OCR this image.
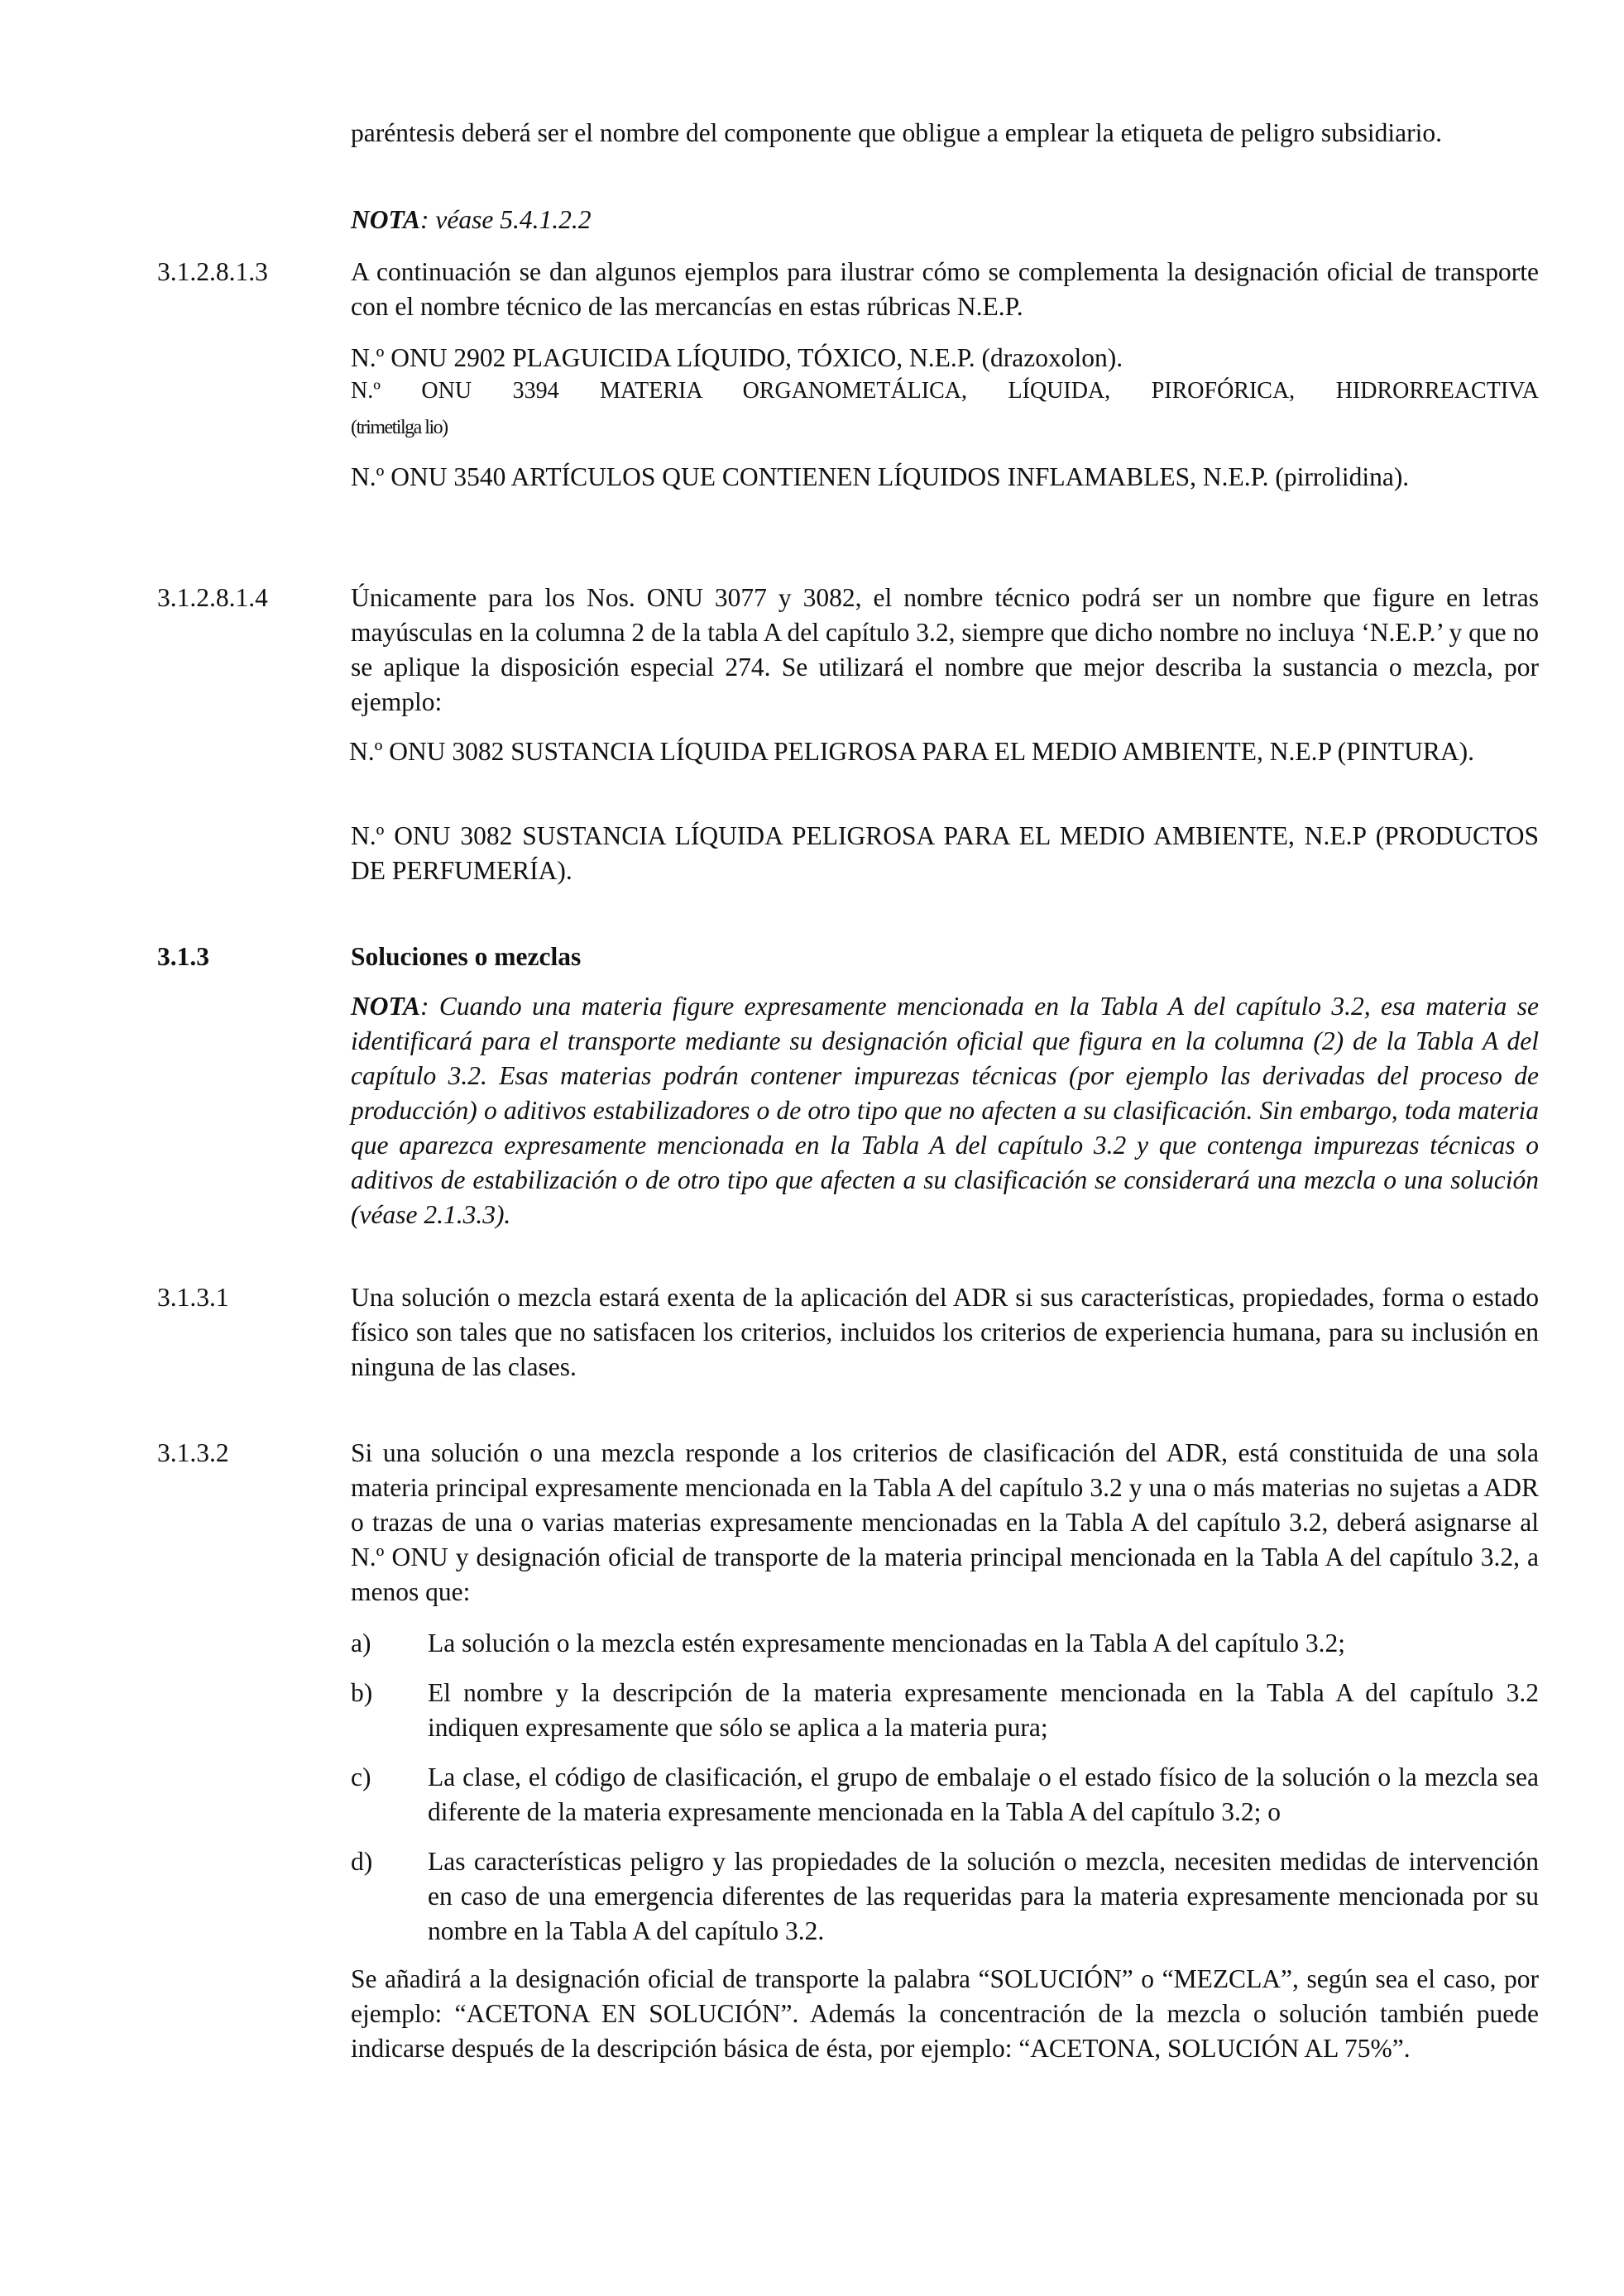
paréntesis deberá ser el nombre del componente que obligue a emplear la etiqueta de peligro subsidiario.

NOTA: véase 5.4.1.2.2

3.1.2.8.1.3	A continuación se dan algunos ejemplos para ilustrar cómo se complementa la designación oficial de transporte con el nombre técnico de las mercancías en estas rúbricas N.E.P.

N.º ONU 2902 PLAGUICIDA LÍQUIDO, TÓXICO, N.E.P. (drazoxolon).

N.º ONU 3394 MATERIA ORGANOMETÁLICA, LÍQUIDA, PIROFÓRICA, HIDRORREACTIVA

(trimetilga lio)

N.º ONU 3540 ARTÍCULOS QUE CONTIENEN LÍQUIDOS INFLAMABLES, N.E.P. (pirrolidina).

3.1.2.8.1.4	Únicamente para los Nos. ONU 3077 y 3082, el nombre técnico podrá ser un nombre que figure en letras mayúsculas en la columna 2 de la tabla A del capítulo 3.2, siempre que dicho nombre no incluya ‘N.E.P.’ y que no se aplique la disposición especial 274. Se utilizará el nombre que mejor describa la sustancia o mezcla, por ejemplo:

N.º ONU 3082 SUSTANCIA LÍQUIDA PELIGROSA PARA EL MEDIO AMBIENTE, N.E.P (PINTURA).

N.º ONU 3082 SUSTANCIA LÍQUIDA PELIGROSA PARA EL MEDIO AMBIENTE, N.E.P (PRODUCTOS DE PERFUMERÍA).

3.1.3	Soluciones o mezclas

NOTA: Cuando una materia figure expresamente mencionada en la Tabla A del capítulo 3.2, esa materia se identificará para el transporte mediante su designación oficial que figura en la columna (2) de la Tabla A del capítulo 3.2. Esas materias podrán contener impurezas técnicas (por ejemplo las derivadas del proceso de producción) o aditivos estabilizadores o de otro tipo que no afecten a su clasificación. Sin embargo, toda materia que aparezca expresamente mencionada en la Tabla A del capítulo 3.2 y que contenga impurezas técnicas o aditivos de estabilización o de otro tipo que afecten a su clasificación se considerará una mezcla o una solución (véase 2.1.3.3).

3.1.3.1	Una solución o mezcla estará exenta de la aplicación del ADR si sus características, propiedades, forma o estado físico son tales que no satisfacen los criterios, incluidos los criterios de experiencia humana, para su inclusión en ninguna de las clases.

3.1.3.2	Si una solución o una mezcla responde a los criterios de clasificación del ADR, está constituida de una sola materia principal expresamente mencionada en la Tabla A del capítulo 3.2 y una o más materias no sujetas a ADR o trazas de una o varias materias expresamente mencionadas en la Tabla A del capítulo 3.2, deberá asignarse al N.º ONU y designación oficial de transporte de la materia principal mencionada en la Tabla A del capítulo 3.2, a menos que:

a) La solución o la mezcla estén expresamente mencionadas en la Tabla A del capítulo 3.2;

b) El nombre y la descripción de la materia expresamente mencionada en la Tabla A del capítulo 3.2 indiquen expresamente que sólo se aplica a la materia pura;

c) La clase, el código de clasificación, el grupo de embalaje o el estado físico de la solución o la mezcla sea diferente de la materia expresamente mencionada en la Tabla A del capítulo 3.2; o

d) Las características peligro y las propiedades de la solución o mezcla, necesiten medidas de intervención en caso de una emergencia diferentes de las requeridas para la materia expresamente mencionada por su nombre en la Tabla A del capítulo 3.2.

Se añadirá a la designación oficial de transporte la palabra “SOLUCIÓN” o “MEZCLA”, según sea el caso, por ejemplo: “ACETONA EN SOLUCIÓN”. Además la concentración de la mezcla o solución también puede indicarse después de la descripción básica de ésta, por ejemplo: “ACETONA, SOLUCIÓN AL 75%”.
